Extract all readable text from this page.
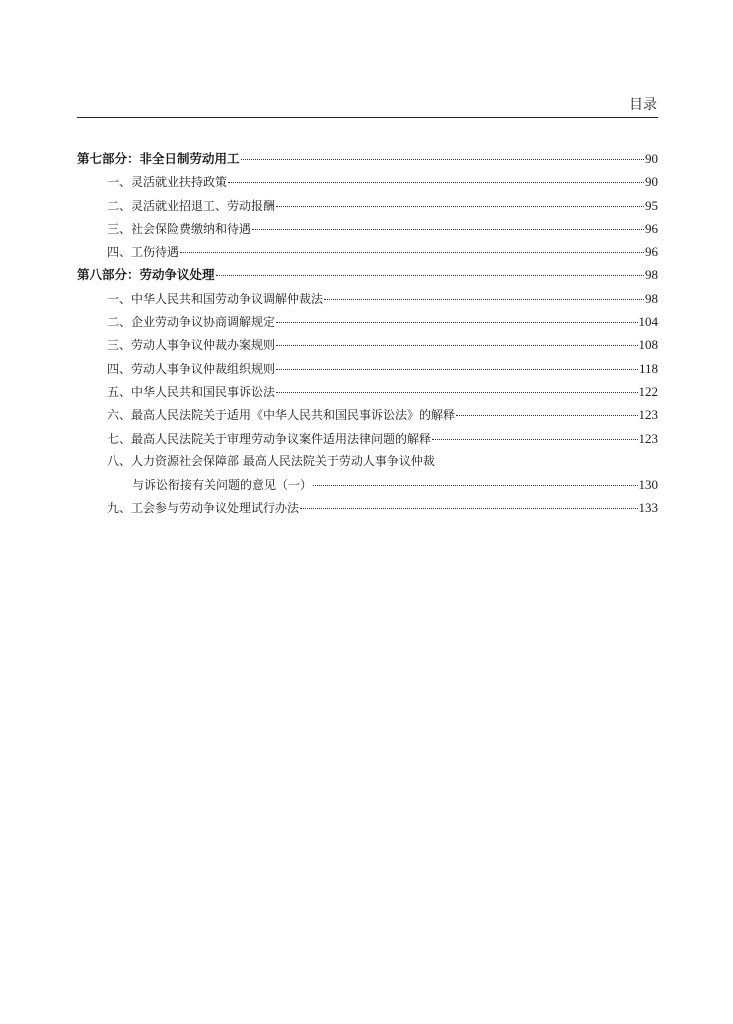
目录
第七部分：非全日制劳动用工	90
一、灵活就业扶持政策	90
二、灵活就业招退工、劳动报酬	95
三、社会保险费缴纳和待遇	96
四、工伤待遇	96
第八部分：劳动争议处理	98
一、中华人民共和国劳动争议调解仲裁法	98
二、企业劳动争议协商调解规定	104
三、劳动人事争议仲裁办案规则	108
四、劳动人事争议仲裁组织规则	118
五、中华人民共和国民事诉讼法	122
六、最高人民法院关于适用《中华人民共和国民事诉讼法》的解释	123
七、最高人民法院关于审理劳动争议案件适用法律问题的解释	123
八、人力资源社会保障部 最高人民法院关于劳动人事争议仲裁
与诉讼衔接有关问题的意见（一）	130
九、工会参与劳动争议处理试行办法	133
